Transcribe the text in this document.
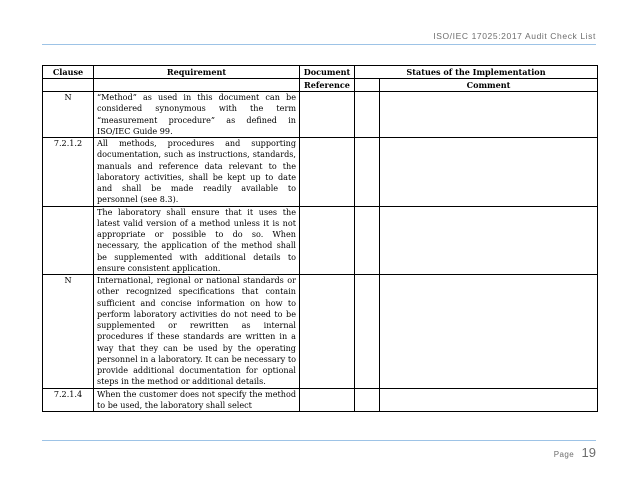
ISO/IEC 17025:2017 Audit Check List
Clause	Requirement	Document	Statues of the Implementation	
		Reference		Comment
N	“Method” as used in this document can be considered synonymous with the term “measurement procedure” as defined in ISO/IEC Guide 99.			
7.2.1.2	All methods, procedures and supporting documentation, such as instructions, standards, manuals and reference data relevant to the laboratory activities, shall be kept up to date and shall be made readily available to personnel (see 8.3).			
	The laboratory shall ensure that it uses the latest valid version of a method unless it is not appropriate or possible to do so. When necessary, the application of the method shall be supplemented with additional details to ensure consistent application.			
N	International, regional or national standards or other recognized specifications that contain sufficient and concise information on how to perform laboratory activities do not need to be supplemented or rewritten as internal procedures if these standards are written in a way that they can be used by the operating personnel in a laboratory. It can be necessary to provide additional documentation for optional steps in the method or additional details.			
7.2.1.4	When the customer does not specify the method to be used, the laboratory shall select			
Page 19
